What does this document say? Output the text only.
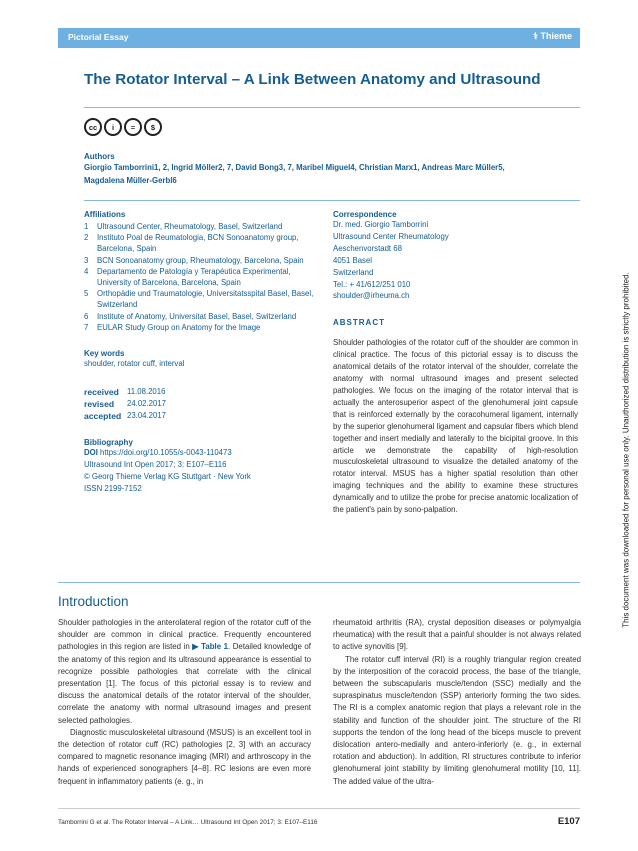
Pictorial Essay	⚕ Thieme
The Rotator Interval – A Link Between Anatomy and Ultrasound
cc	i	=	$
Authors
Giorgio Tamborrini1, 2, Ingrid Möller2, 7, David Bong3, 7, Maribel Miguel4, Christian Marx1, Andreas Marc Müller5,
Magdalena Müller-Gerbl6
Affiliations
1	Ultrasound Center, Rheumatology, Basel, Switzerland
2	Instituto Poal de Reumatologia, BCN Sonoanatomy group, Barcelona, Spain
3	BCN Sonoanatomy group, Rheumatology, Barcelona, Spain
4	Departamento de Patología y Terapéutica Experimental, University of Barcelona, Barcelona, Spain
5	Orthopädie und Traumatologie, Universitatsspital Basel, Basel, Switzerland
6	Institute of Anatomy, Universitat Basel, Basel, Switzerland
7	EULAR Study Group on Anatomy for the Image
Key words
shoulder, rotator cuff, interval
received 11.08.2016
revised 24.02.2017
accepted 23.04.2017
Bibliography
DOI https://doi.org/10.1055/s-0043-110473
Ultrasound Int Open 2017; 3: E107–E116
© Georg Thieme Verlag KG Stuttgart · New York
ISSN 2199-7152
Correspondence
Dr. med. Giorgio Tamborrini
Ultrasound Center Rheumatology
Aeschenvorstadt 68
4051 Basel
Switzerland
Tel.: + 41/612/251 010
shoulder@irheuma.ch
ABSTRACT
Shoulder pathologies of the rotator cuff of the shoulder are common in clinical practice. The focus of this pictorial essay is to discuss the anatomical details of the rotator interval of the shoulder, correlate the anatomy with normal ultrasound images and present selected pathologies. We focus on the imaging of the rotator interval that is actually the anterosuperior aspect of the glenohumeral joint capsule that is reinforced externally by the coracohumeral ligament, internally by the superior glenohumeral ligament and capsular fibers which blend together and insert medially and laterally to the bicipital groove. In this article we demonstrate the capability of high-resolution musculoskeletal ultrasound to visualize the detailed anatomy of the rotator interval. MSUS has a higher spatial resolution than other imaging techniques and the ability to examine these structures dynamically and to utilize the probe for precise anatomic localization of the patient's pain by sono-palpation.
Introduction

Shoulder pathologies in the anterolateral region of the rotator cuff of the shoulder are common in clinical practice. Frequently encountered pathologies in this region are listed in ▶ Table 1. Detailed knowledge of the anatomy of this region and its ultrasound appearance is essential to recognize possible pathologies that correlate with the clinical presentation [1]. The focus of this pictorial essay is to review and discuss the anatomical details of the rotator interval of the shoulder, correlate the anatomy with normal ultrasound images and present selected pathologies.

Diagnostic musculoskeletal ultrasound (MSUS) is an excellent tool in the detection of rotator cuff (RC) pathologies [2, 3] with an accuracy compared to magnetic resonance imaging (MRI) and arthroscopy in the hands of experienced sonographers [4–8]. RC lesions are even more frequent in inflammatory patients (e. g., in

rheumatoid arthritis (RA), crystal deposition diseases or polymyalgia rheumatica) with the result that a painful shoulder is not always related to active synovitis [9].

The rotator cuff interval (RI) is a roughly triangular region created by the interposition of the coracoid process, the base of the triangle, between the subscapularis muscle/tendon (SSC) medially and the supraspinatus muscle/tendon (SSP) anteriorly forming the two sides. The RI is a complex anatomic region that plays a relevant role in the stability and function of the shoulder joint. The structure of the RI supports the tendon of the long head of the biceps muscle to prevent dislocation antero-medially and antero-inferiorly (e. g., in external rotation and abduction). In addition, RI structures contribute to inferior glenohumeral joint stability by limiting glenohumeral motility [10, 11]. The added value of the ultra-

This document was downloaded for personal use only. Unauthorized distribution is strictly prohibited.
Tamborrini G et al. The Rotator Interval – A Link… Ultrasound Int Open 2017; 3: E107–E116	E107
